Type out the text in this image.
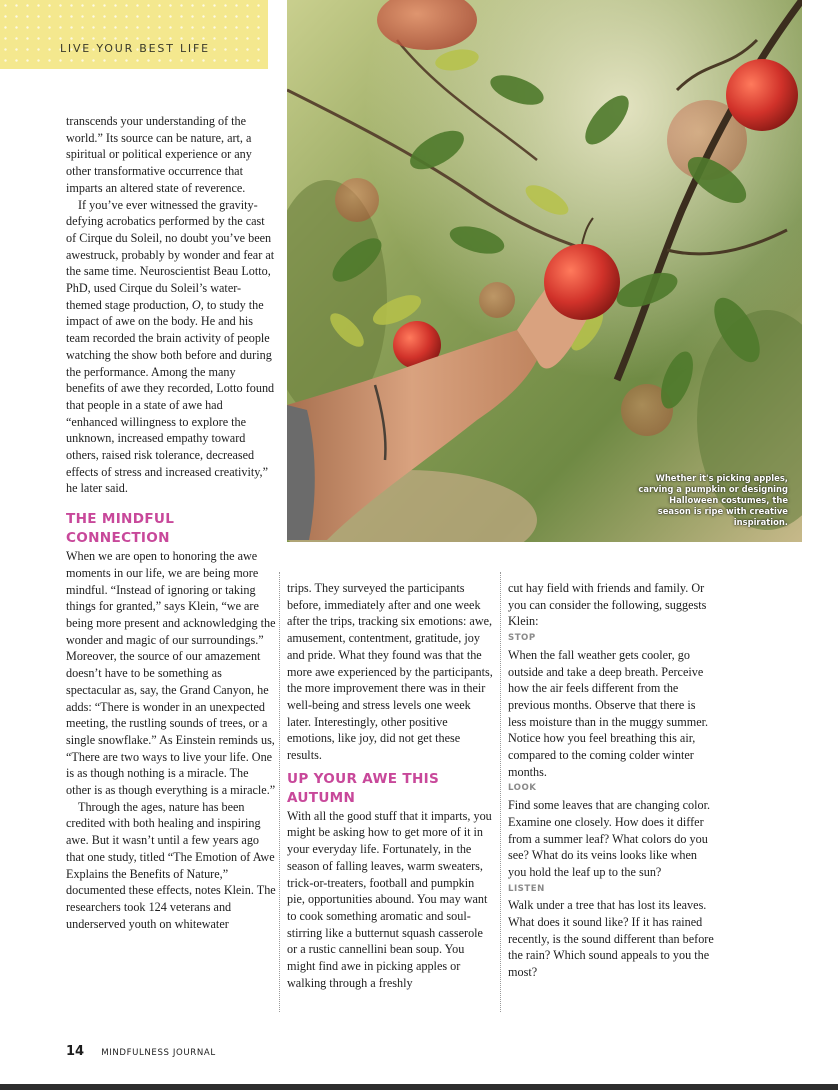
LIVE YOUR BEST LIFE
Whether it's picking apples, carving a pumpkin or designing Halloween costumes, the season is ripe with creative inspiration.

transcends your understanding of the world.” Its source can be nature, art, a spiritual or political experience or any other transformative occurrence that imparts an altered state of reverence.

If you’ve ever witnessed the gravity-defying acrobatics performed by the cast of Cirque du Soleil, no doubt you’ve been awestruck, probably by wonder and fear at the same time. Neuroscientist Beau Lotto, PhD, used Cirque du Soleil’s water-themed stage production, O, to study the impact of awe on the body. He and his team recorded the brain activity of people watching the show both before and during the performance. Among the many benefits of awe they recorded, Lotto found that people in a state of awe had “enhanced willingness to explore the unknown, increased empathy toward others, raised risk tolerance, decreased effects of stress and increased creativity,” he later said.

THE MINDFUL CONNECTION

When we are open to honoring the awe moments in our life, we are being more mindful. “Instead of ignoring or taking things for granted,” says Klein, “we are being more present and acknowledging the wonder and magic of our surroundings.” Moreover, the source of our amazement doesn’t have to be something as spectacular as, say, the Grand Canyon, he adds: “There is wonder in an unexpected meeting, the rustling sounds of trees, or a single snowflake.” As Einstein reminds us, “There are two ways to live your life. One is as though nothing is a miracle. The other is as though everything is a miracle.”

Through the ages, nature has been credited with both healing and inspiring awe. But it wasn’t until a few years ago that one study, titled “The Emotion of Awe Explains the Benefits of Nature,” documented these effects, notes Klein. The researchers took 124 veterans and underserved youth on whitewater

trips. They surveyed the participants before, immediately after and one week after the trips, tracking six emotions: awe, amusement, contentment, gratitude, joy and pride. What they found was that the more awe experienced by the participants, the more improvement there was in their well-being and stress levels one week later. Interestingly, other positive emotions, like joy, did not get these results.

UP YOUR AWE THIS AUTUMN

With all the good stuff that it imparts, you might be asking how to get more of it in your everyday life. Fortunately, in the season of falling leaves, warm sweaters, trick-or-treaters, football and pumpkin pie, opportunities abound. You may want to cook something aromatic and soul-stirring like a butternut squash casserole or a rustic cannellini bean soup. You might find awe in picking apples or walking through a freshly

cut hay field with friends and family. Or you can consider the following, suggests Klein:

STOP

When the fall weather gets cooler, go outside and take a deep breath. Perceive how the air feels different from the previous months. Observe that there is less moisture than in the muggy summer. Notice how you feel breathing this air, compared to the coming colder winter months.

LOOK

Find some leaves that are changing color. Examine one closely. How does it differ from a summer leaf? What colors do you see? What do its veins looks like when you hold the leaf up to the sun?

LISTEN

Walk under a tree that has lost its leaves. What does it sound like? If it has rained recently, is the sound different than before the rain? Which sound appeals to you the most?

14 MINDFULNESS JOURNAL
